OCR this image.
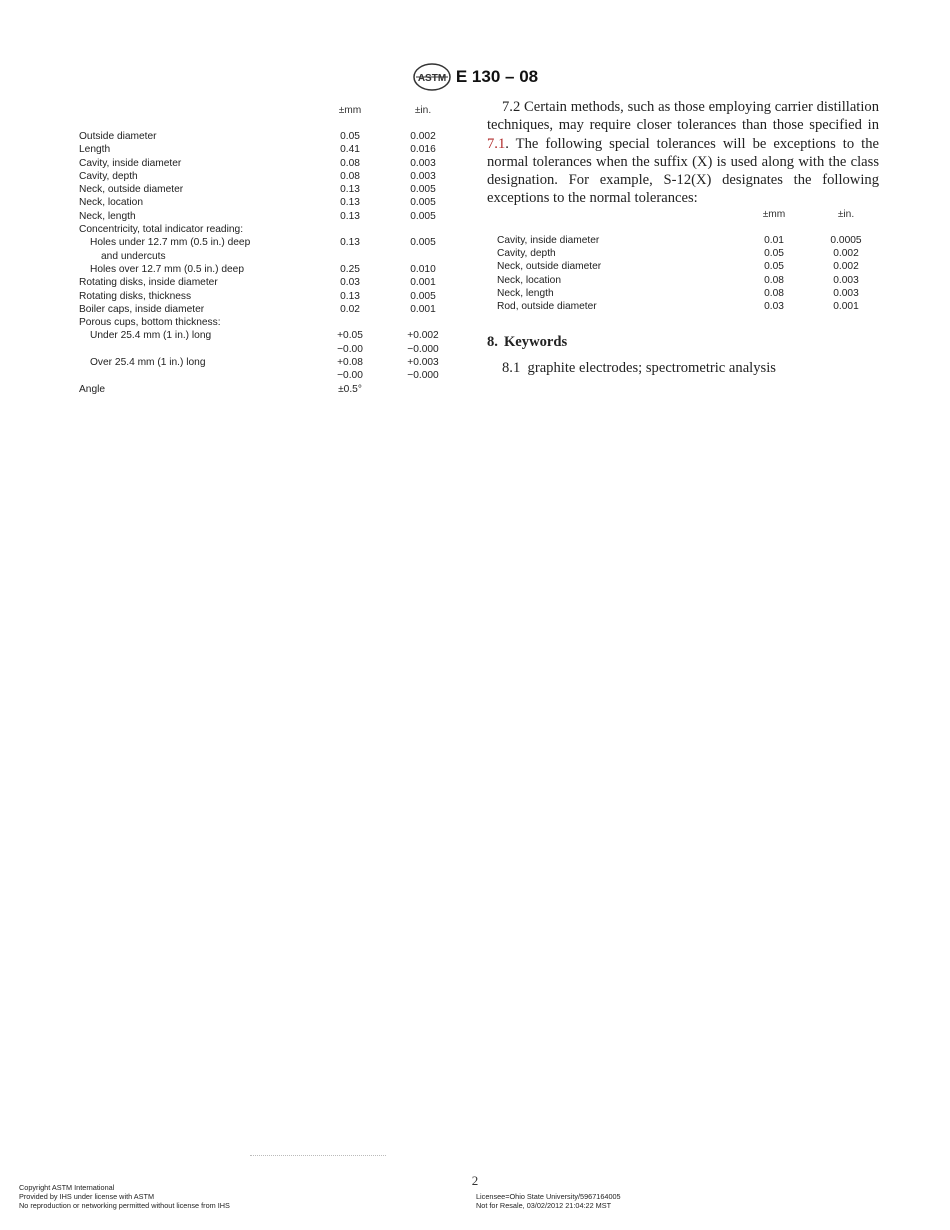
ASTM E 130 – 08
±mm	±in.
Outside diameter	0.05	0.002
Length	0.41	0.016
Cavity, inside diameter	0.08	0.003
Cavity, depth	0.08	0.003
Neck, outside diameter	0.13	0.005
Neck, location	0.13	0.005
Neck, length	0.13	0.005
Concentricity, total indicator reading:
Holes under 12.7 mm (0.5 in.) deep	0.13	0.005
and undercuts
Holes over 12.7 mm (0.5 in.) deep	0.25	0.010
Rotating disks, inside diameter	0.03	0.001
Rotating disks, thickness	0.13	0.005
Boiler caps, inside diameter	0.02	0.001
Porous cups, bottom thickness:
Under 25.4 mm (1 in.) long	+0.05	+0.002
−0.00	−0.000
Over 25.4 mm (1 in.) long	+0.08	+0.003
−0.00	−0.000
Angle	±0.5°

7.2 Certain methods, such as those employing carrier distillation techniques, may require closer tolerances than those specified in 7.1. The following special tolerances will be exceptions to the normal tolerances when the suffix (X) is used along with the class designation. For example, S-12(X) designates the following exceptions to the normal tolerances:

±mm	±in.
Cavity, inside diameter	0.01	0.0005
Cavity, depth	0.05	0.002
Neck, outside diameter	0.05	0.002
Neck, location	0.08	0.003
Neck, length	0.08	0.003
Rod, outside diameter	0.03	0.001
8. Keywords

8.1 graphite electrodes; spectrometric analysis

2
Copyright ASTM International
Provided by IHS under license with ASTM
No reproduction or networking permitted without license from IHS
Licensee=Ohio State University/5967164005
Not for Resale, 03/02/2012 21:04:22 MST
